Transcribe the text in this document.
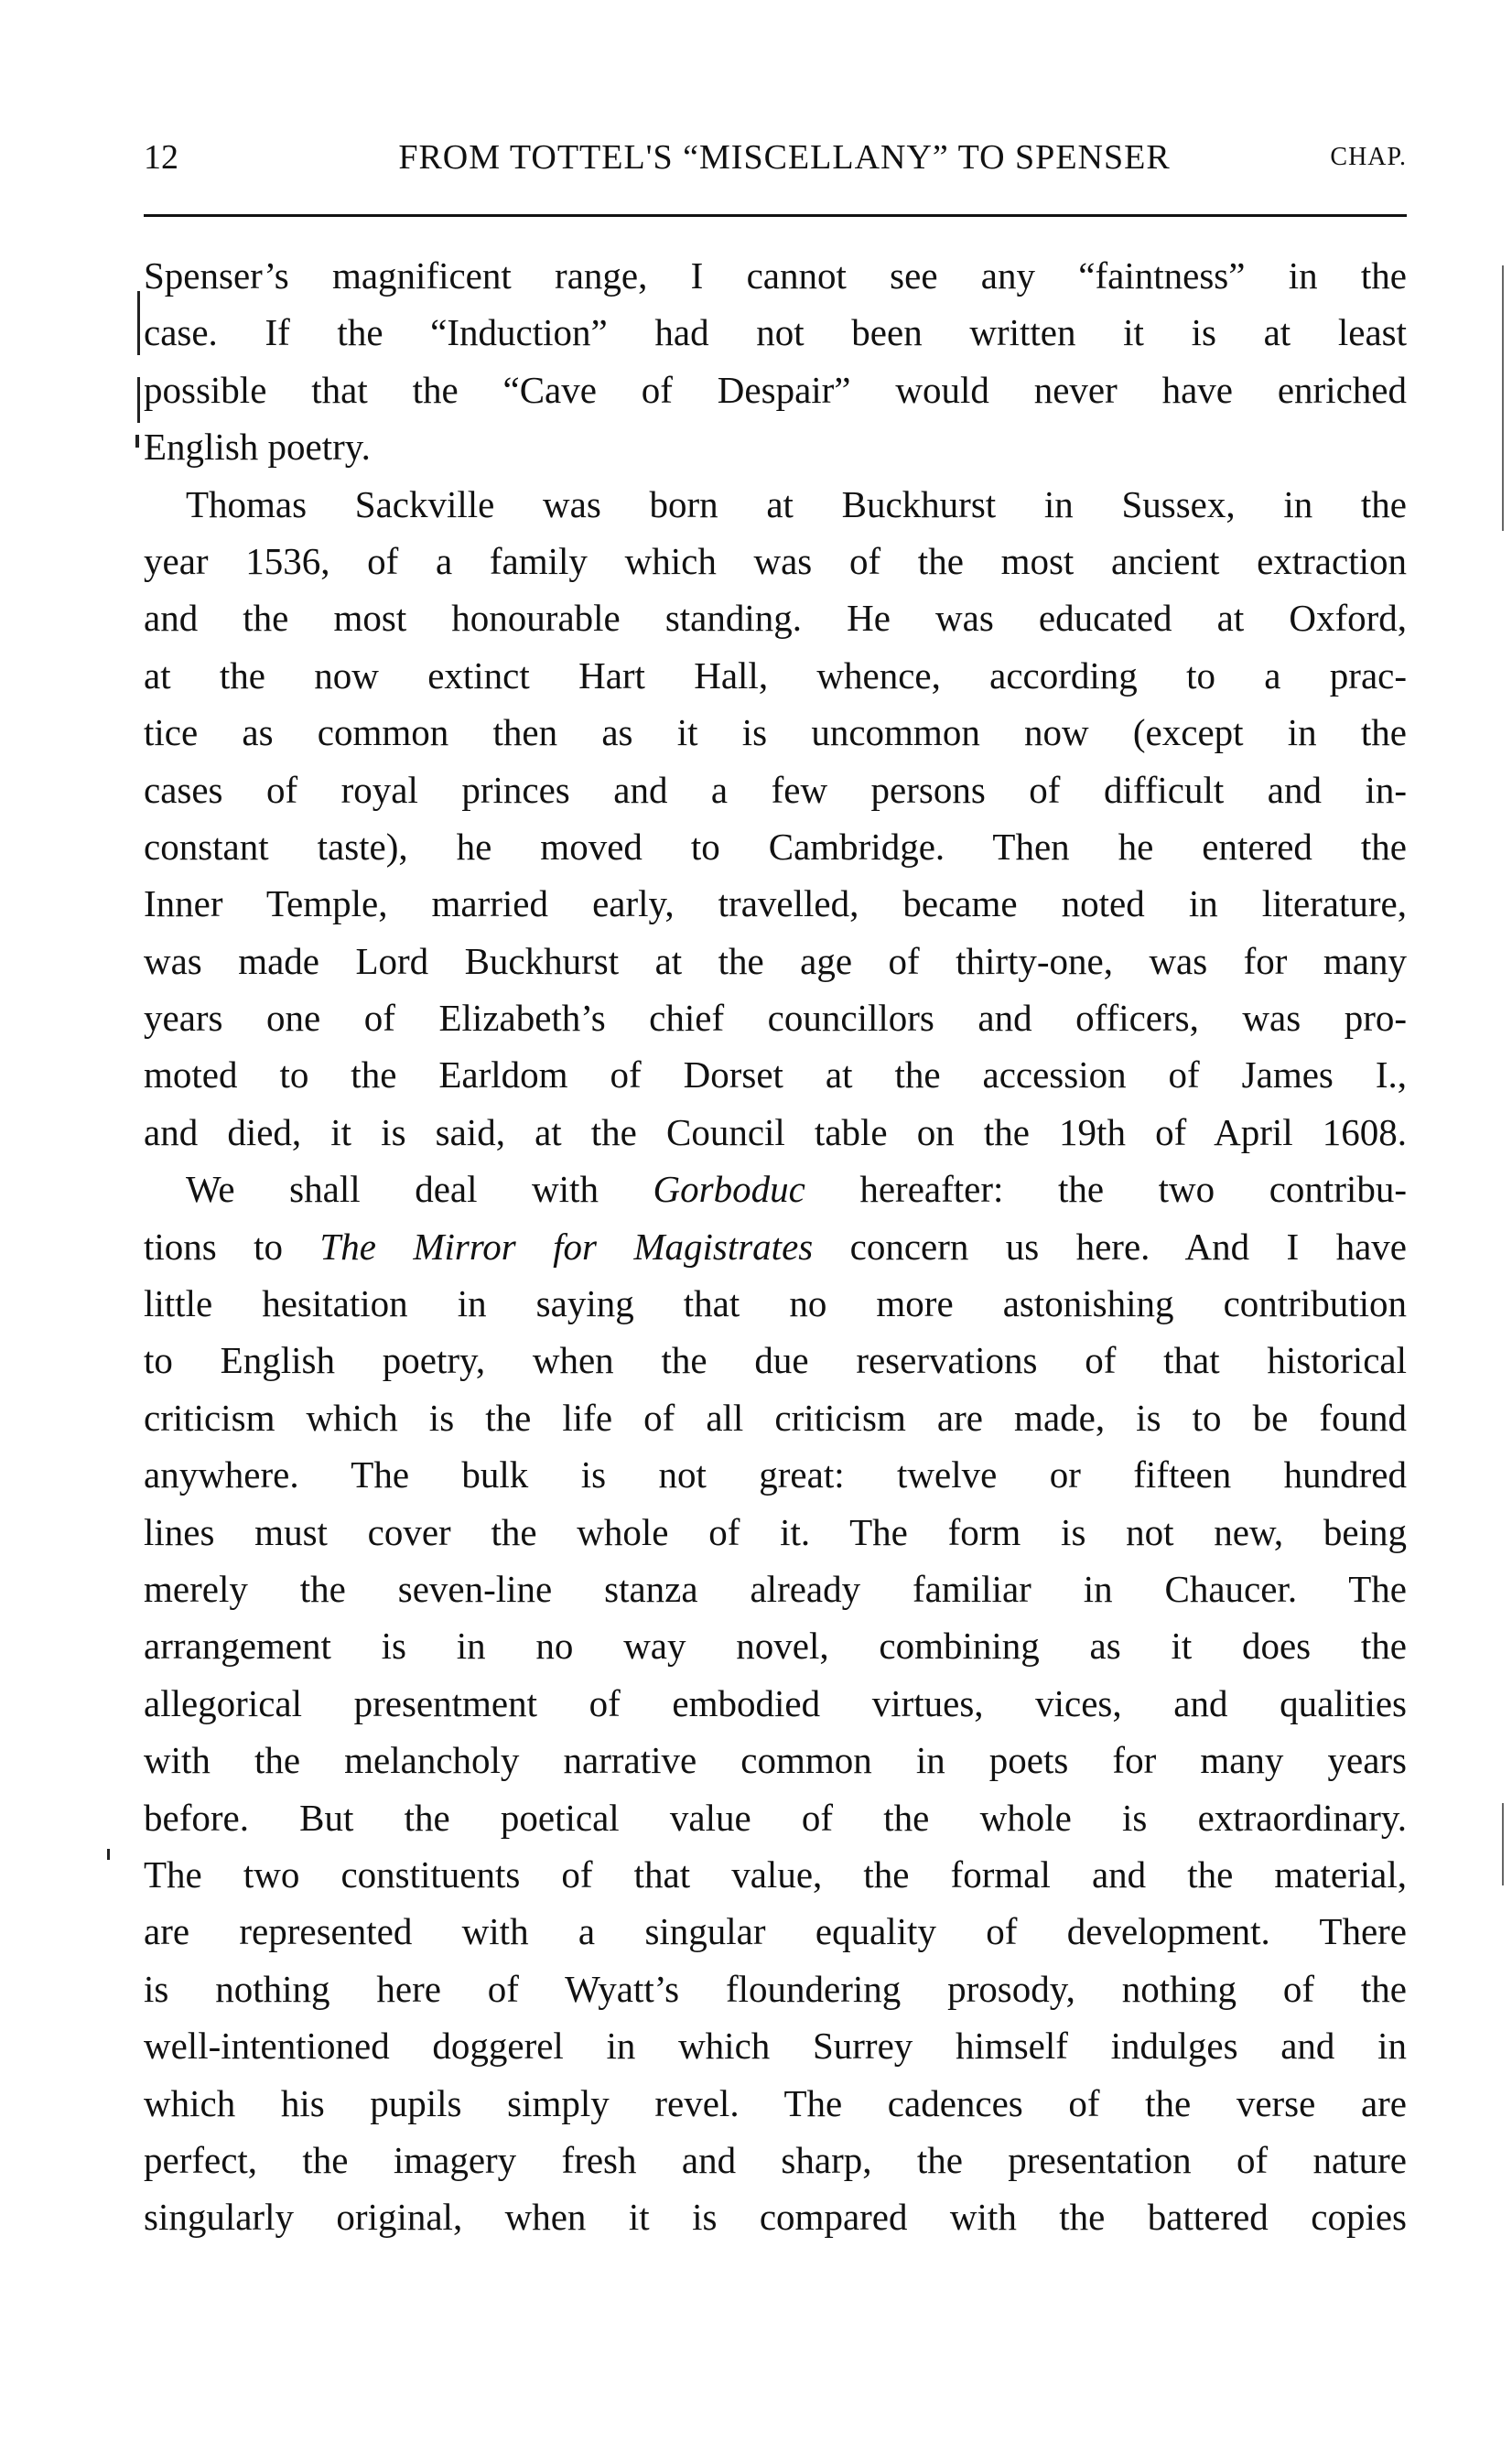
12	FROM TOTTEL'S “MISCELLANY” TO SPENSER	CHAP.
Spenser’s magnificent range, I cannot see any “faintness” in the
case. If the “Induction” had not been written it is at least
possible that the “Cave of Despair” would never have enriched
English poetry.
Thomas Sackville was born at Buckhurst in Sussex, in the
year 1536, of a family which was of the most ancient extraction
and the most honourable standing. He was educated at Oxford,
at the now extinct Hart Hall, whence, according to a prac-
tice as common then as it is uncommon now (except in the
cases of royal princes and a few persons of difficult and in-
constant taste), he moved to Cambridge. Then he entered the
Inner Temple, married early, travelled, became noted in literature,
was made Lord Buckhurst at the age of thirty-one, was for many
years one of Elizabeth’s chief councillors and officers, was pro-
moted to the Earldom of Dorset at the accession of James I.,
and died, it is said, at the Council table on the 19th of April 1608.
We shall deal with Gorboduc hereafter: the two contribu-
tions to The Mirror for Magistrates concern us here. And I have
little hesitation in saying that no more astonishing contribution
to English poetry, when the due reservations of that historical
criticism which is the life of all criticism are made, is to be found
anywhere. The bulk is not great: twelve or fifteen hundred
lines must cover the whole of it. The form is not new, being
merely the seven-line stanza already familiar in Chaucer. The
arrangement is in no way novel, combining as it does the
allegorical presentment of embodied virtues, vices, and qualities
with the melancholy narrative common in poets for many years
before. But the poetical value of the whole is extraordinary.
The two constituents of that value, the formal and the material,
are represented with a singular equality of development. There
is nothing here of Wyatt’s floundering prosody, nothing of the
well-intentioned doggerel in which Surrey himself indulges and in
which his pupils simply revel. The cadences of the verse are
perfect, the imagery fresh and sharp, the presentation of nature
singularly original, when it is compared with the battered copies
